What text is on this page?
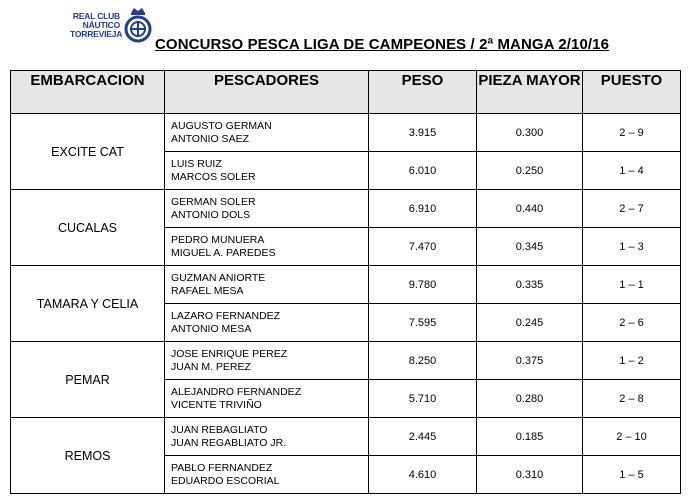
REAL CLUB
NÁUTICO
TORREVIEJA
CONCURSO PESCA LIGA DE CAMPEONES / 2ª MANGA 2/10/16
EMBARCACION	PESCADORES	PESO	PIEZA MAYOR	PUESTO
EXCITE CAT	AUGUSTO GERMAN
ANTONIO SAEZ	3.915	0.300	2 – 9

	LUIS RUIZ
MARCOS SOLER	6.010	0.250	1 – 4
CUCALAS	GERMAN SOLER
ANTONIO DOLS	6.910	0.440	2 – 7

	PEDRO MUNUERA
MIGUEL A. PAREDES	7.470	0.345	1 – 3
TAMARA Y CELIA	GUZMAN ANIORTE
RAFAEL MESA	9.780	0.335	1 – 1

	LAZARO FERNANDEZ
ANTONIO MESA	7.595	0.245	2 – 6
PEMAR	JOSE ENRIQUE PEREZ
JUAN M. PEREZ	8.250	0.375	1 – 2

	ALEJANDRO FERNANDEZ
VICENTE TRIVIÑO	5.710	0.280	2 – 8
REMOS	JUAN REBAGLIATO
JUAN REGABLIATO JR.	2.445	0.185	2 – 10

	PABLO FERNANDEZ
EDUARDO ESCORIAL	4.610	0.310	1 – 5
